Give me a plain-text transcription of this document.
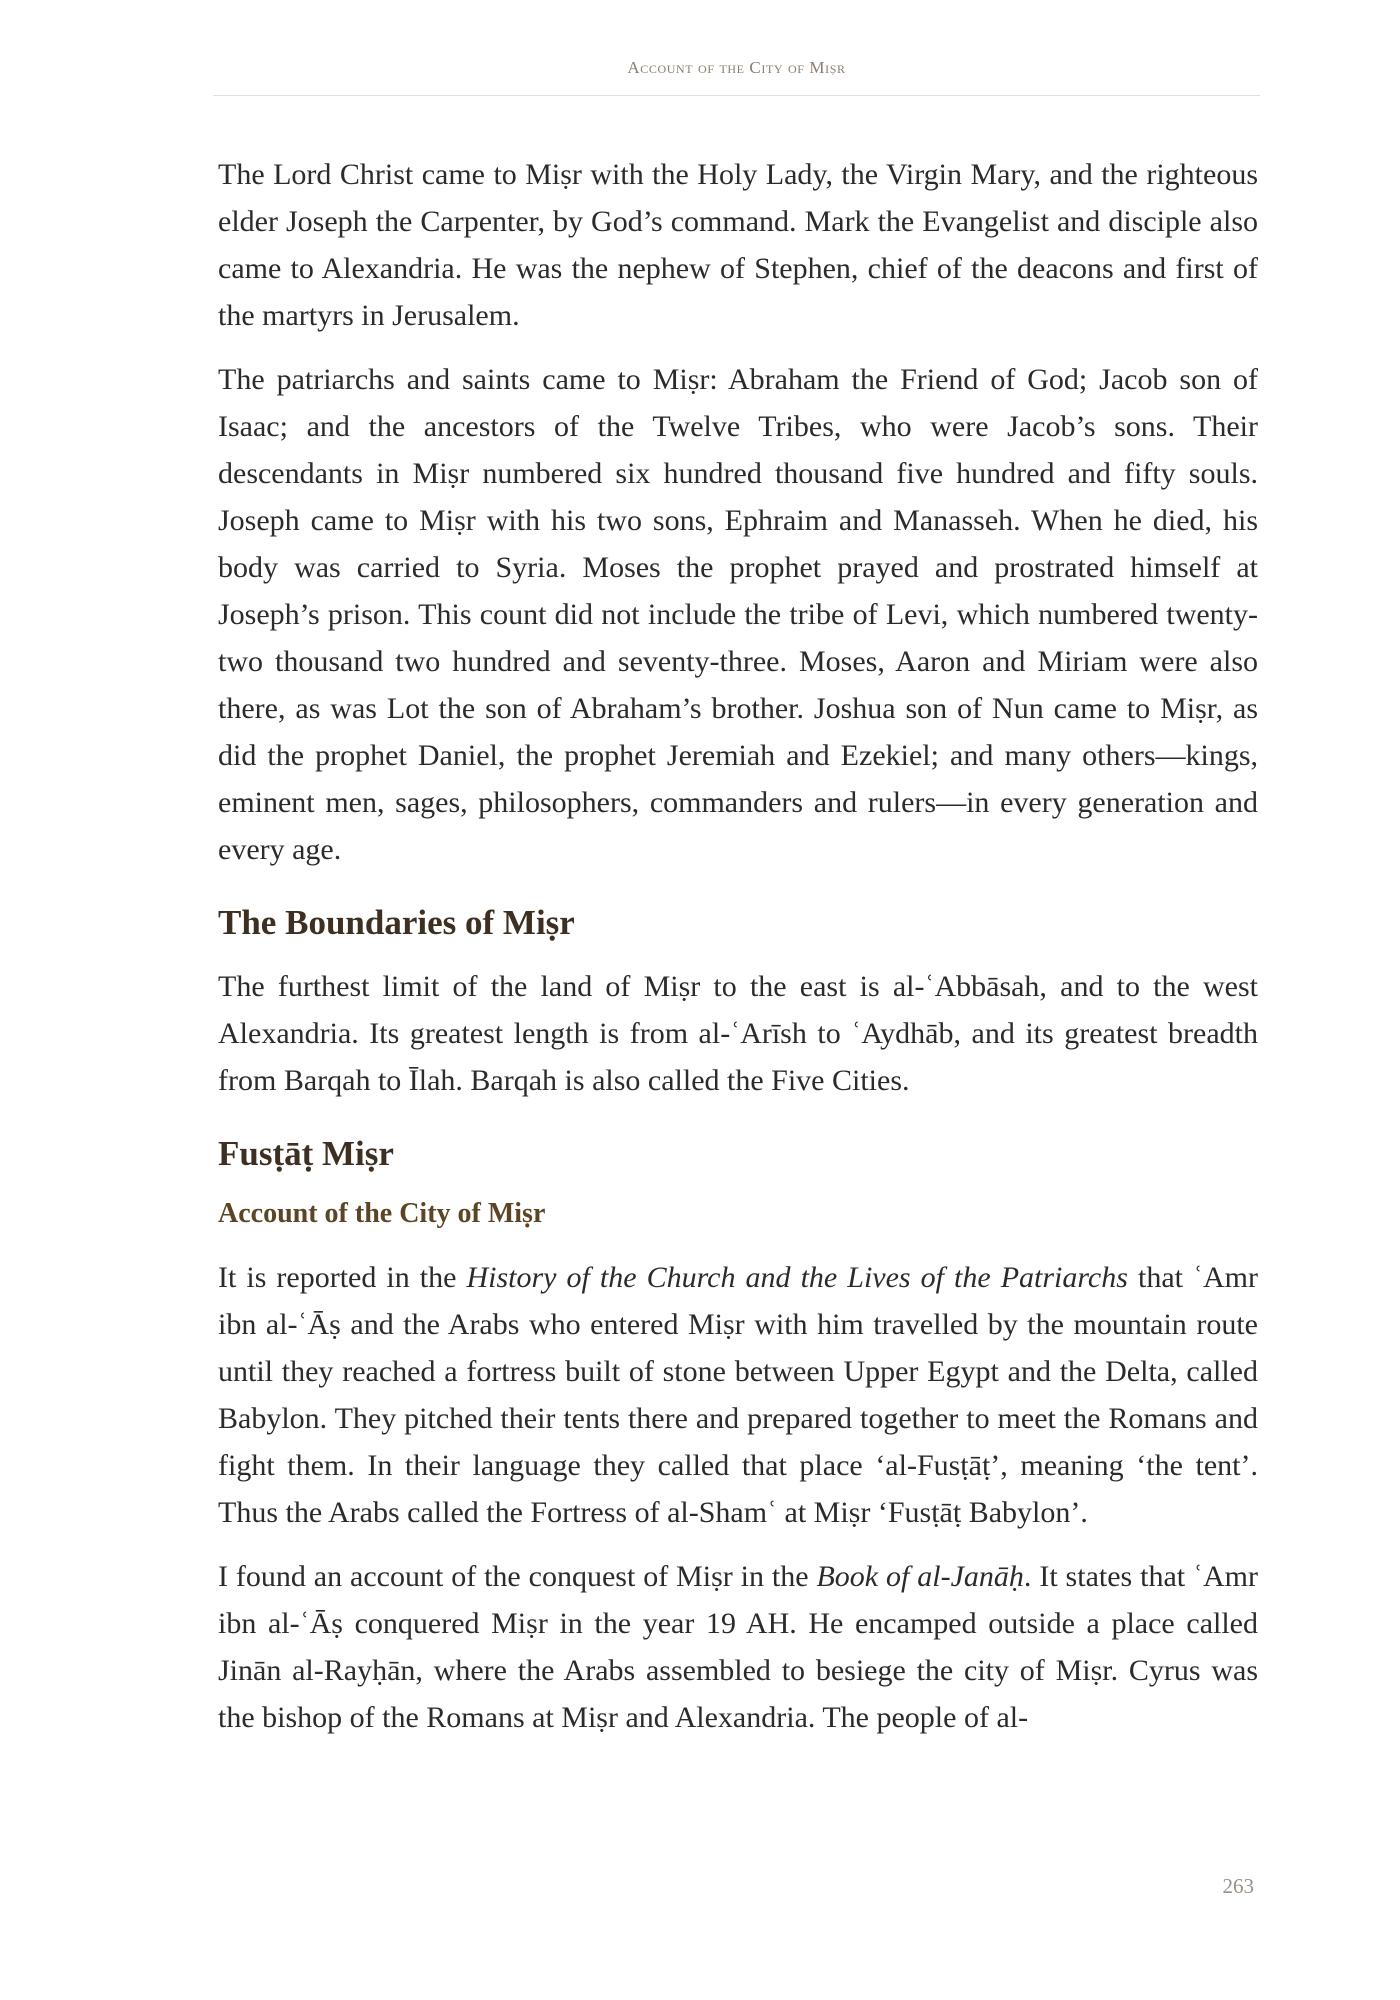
Account of the City of Miṣr

The Lord Christ came to Miṣr with the Holy Lady, the Virgin Mary, and the righteous elder Joseph the Carpenter, by God’s command. Mark the Evangelist and disciple also came to Alexandria. He was the nephew of Stephen, chief of the deacons and first of the martyrs in Jerusalem.

The patriarchs and saints came to Miṣr: Abraham the Friend of God; Jacob son of Isaac; and the ancestors of the Twelve Tribes, who were Jacob’s sons. Their descendants in Miṣr numbered six hundred thousand five hundred and fifty souls. Joseph came to Miṣr with his two sons, Ephraim and Manasseh. When he died, his body was carried to Syria. Moses the prophet prayed and prostrated himself at Joseph’s prison. This count did not include the tribe of Levi, which numbered twenty-two thousand two hundred and seventy-three. Moses, Aaron and Miriam were also there, as was Lot the son of Abraham’s brother. Joshua son of Nun came to Miṣr, as did the prophet Daniel, the prophet Jeremiah and Ezekiel; and many others—kings, eminent men, sages, philosophers, commanders and rulers—in every generation and every age.

The Boundaries of Miṣr

The furthest limit of the land of Miṣr to the east is al-ʿAbbāsah, and to the west Alexandria. Its greatest length is from al-ʿArīsh to ʿAydhāb, and its greatest breadth from Barqah to Īlah. Barqah is also called the Five Cities.

Fusṭāṭ Miṣr
Account of the City of Miṣr

It is reported in the History of the Church and the Lives of the Patriarchs that ʿAmr ibn al-ʿĀṣ and the Arabs who entered Miṣr with him travelled by the mountain route until they reached a fortress built of stone between Upper Egypt and the Delta, called Babylon. They pitched their tents there and prepared together to meet the Romans and fight them. In their language they called that place ‘al-Fusṭāṭ’, meaning ‘the tent’. Thus the Arabs called the Fortress of al-Shamʿ at Miṣr ‘Fusṭāṭ Babylon’.

I found an account of the conquest of Miṣr in the Book of al-Janāḥ. It states that ʿAmr ibn al-ʿĀṣ conquered Miṣr in the year 19 AH. He encamped outside a place called Jinān al-Rayḥān, where the Arabs assembled to besiege the city of Miṣr. Cyrus was the bishop of the Romans at Miṣr and Alexandria. The people of al-

263
